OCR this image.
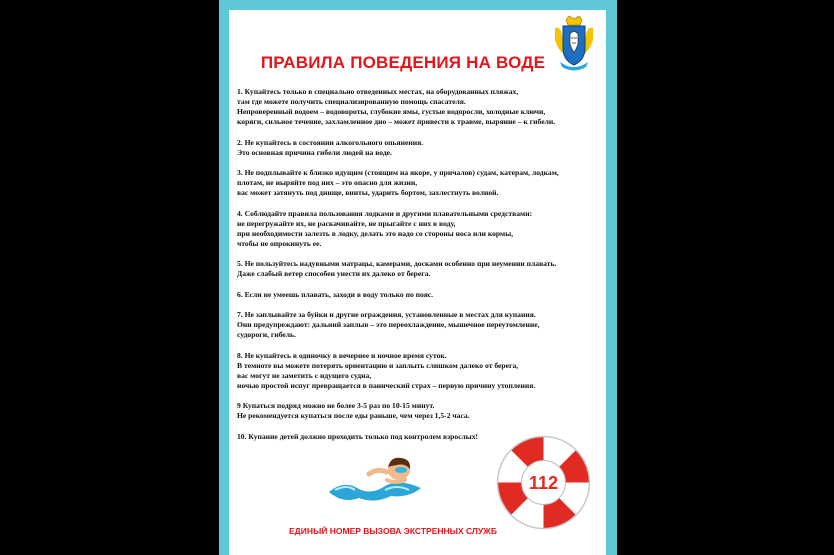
ПРАВИЛА ПОВЕДЕНИЯ НА ВОДЕ

1. Купайтесь только в специально отведенных местах, на оборудованных пляжах,
там где можете получить специализированную помощь спасателя.
Непроверенный водоем – водовороты, глубокие ямы, густые водоросли, холодные ключи,
коряги, сильное течение, захламленное дно – может привести к травме, выряние – к гибели.

2. Не купайтесь в состоянии алкогольного опьянения.
Это основная причина гибели людей на воде.

3. Не подплывайте к близко идущим (стоящим на якоре, у причалов) судам, катерам, лодкам,
плотам, не ныряйте под них – это опасно для жизни,
вас может затянуть под днище, винты, ударить бортом, захлестнуть волной.

4. Соблюдайте правила пользования лодками и другими плавательными средствами:
не перегружайте их, не раскачивайте, не прыгайте с них в воду,
при необходимости залезть в лодку, делать это надо со стороны носа или кормы,
чтобы не опрокинуть ее.

5. Не пользуйтесь надувными матрацы, камерами, досками особенно при неумении плавать.
Даже слабый ветер способен унести их далеко от берега.

6. Если не умеешь плавать, заходи в воду только по пояс.

7. Не заплывайте за буйки и другие ограждения, установленные в местах для купания.
Они предупреждают: дальний заплыв – это переохлаждение, мышечное переутомление,
судороги, гибель.

8. Не купайтесь в одиночку в вечернее и ночное время суток.
В темноте вы можете потерять ориентацию и заплыть слишком далеко от берега,
вас могут не заметить с идущего судна,
ночью простой испуг превращается в панический страх – первую причину утопления.

9 Купаться подряд можно не более 3-5 раз по 10-15 минут.
Не рекомендуется купаться после еды раньше, чем через 1,5-2 часа.

10. Купание детей должно проходить только под контролем взрослых!

112
ЕДИНЫЙ НОМЕР ВЫЗОВА ЭКСТРЕННЫХ СЛУЖБ
